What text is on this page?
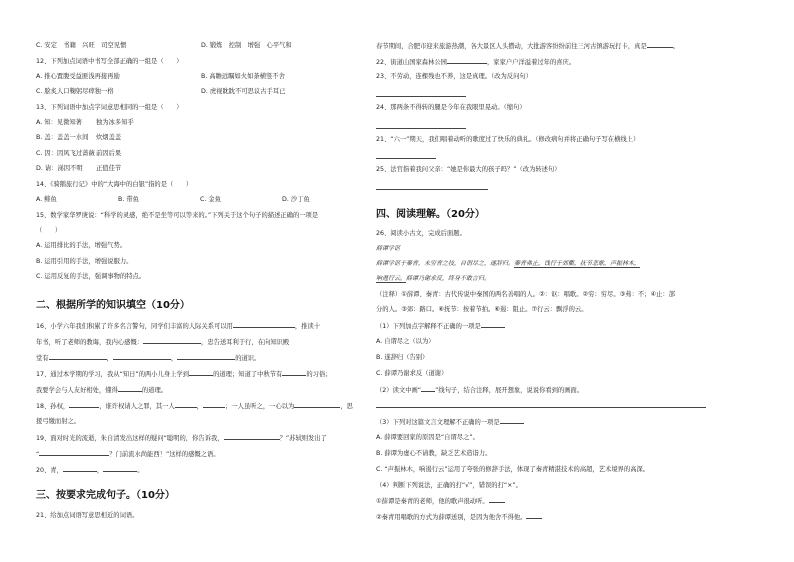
C. 安定　书籍　兴旺　司空见惯	D. 锻炼　控制　增强　心平气和
12、下列加点词语中书写全部正确的一组是（　　）
A. 推心置腹受益匪浅再接再励	B. 高瞻远瞩如火如荼横竖不舍
C. 脍炙人口鞠躬尽瘁独一格	D. 虎视眈眈不可思议古手耳已
13、下列词语中加点字词意思相同的一组是（　　）
A. 知：见微知著 独为冰多知乎
B. 盖：盖盖一水间 炊烟盖盖
C. 因：因风飞过蔷薇前因后果
D. 请：涕因不明 正值佳节
14、《骑鹅旅行记》中的“大海中的白银”指的是（　　）
A. 鲱鱼	B. 带鱼	C. 金鱼	D. 沙丁鱼
15、数学家华罗庚说：“科学的灵感，绝不是坐等可以等来的。”下列关于这个句子的描述正确的一项是
（　　）
A. 运用排比的手法，增强气势。
B. 运用引用的手法，增强说服力。
C. 运用反复的手法，强调事物的特点。
二、根据所学的知识填空（10分）
16、小学六年我们积累了许多名言警句，同学们丰富的人际关系可以用	，推读十
年书，听了老师的教诲，我内心感慨：	，忠告送耳利于行，在向知识殿
堂有	，	，	的道识。
17、通过本学期的学习，我从“知日”的两小儿身上学到	的道理；知道了中秋节有	的习俗；
我要学会与人友好相处，懂得	的道理。
18、孙权，	，谁许权请人之罪，其一人	，	；一人虽听之，一心以为	，思
援弓缴而射之。
19、面对时光的流逝，朱自清发出这样的疑问“聪明的，你告诉我，	？”苏轼则发出了
“	？门前流水尚能西！”这样的感慨之语。
20、青，	，	。
三、按要求完成句子。（10分）
21、给加点词语写意思相近的词语。
春节期间，合肥市迎来旅游热潮，各大景区人头攒动，大批游客纷纷前往三河古镇游玩打卡，真是	。
22、街道山国家森林公园	，家家户户洋溢着过年的喜庆。
23、不劳动，连棵残也不养，这是真理。（改为反问句）
24、那两条不得转的腿是今年在我眼里晃动。（缩句）
21、“六一”期天，我们唱着动听的歌度过了快乐的典礼。（修改病句并将正确句子写在横线上）
25、法官指着我问父亲：“她是你最大的孩子吗？”（改为转述句）
四、阅读理解。（20分）
26、阅读小古文，完成后面题。
薛谭学讴
薛谭学讴于秦青，未穷青之技，自谓尽之，遂辞归。秦青弗止，饯行于郊衢，抚节悲歌，声振林木，
响遏行云。薛谭乃谢求反，终身不敢言归。
（注释）①薛谭、秦青：古代传说中秦国的两名善唱的人。②：讴：唱歌。②穷：穷尽。③弗：不；④止：部
分的人。③郊：路口。⑥抚节：按着节拍。⑥遏：阻止。⑦行云：飘浮的云。
（1）下列加点字解释不正确的一项是
A. 自谓尽之（以为）
B. 遂辞归（告别）
C. 薛谭乃谢求反（道谢）
（2）读文中画“ ”线句子，结合注释，展开想象，说说你看到的画面。
（3）下列对这篇文言文理解不正确的一项是
A. 薛谭要回家的原因是“自谓尽之”。
B. 薛谭为虚心不请教，缺乏艺术造诣力。
C. “声振林木，响遏行云”运用了夸张的修辞手法，体现了秦青精湛技术的高超，艺术境界的高深。
（4）判断下列说法，正确的打“√”，错误的打“×”。
①薛谭是秦青的老师，他的歌声很动听。
②秦青用唱歌的方式为薛谭送别，是因为他舍不得他。
